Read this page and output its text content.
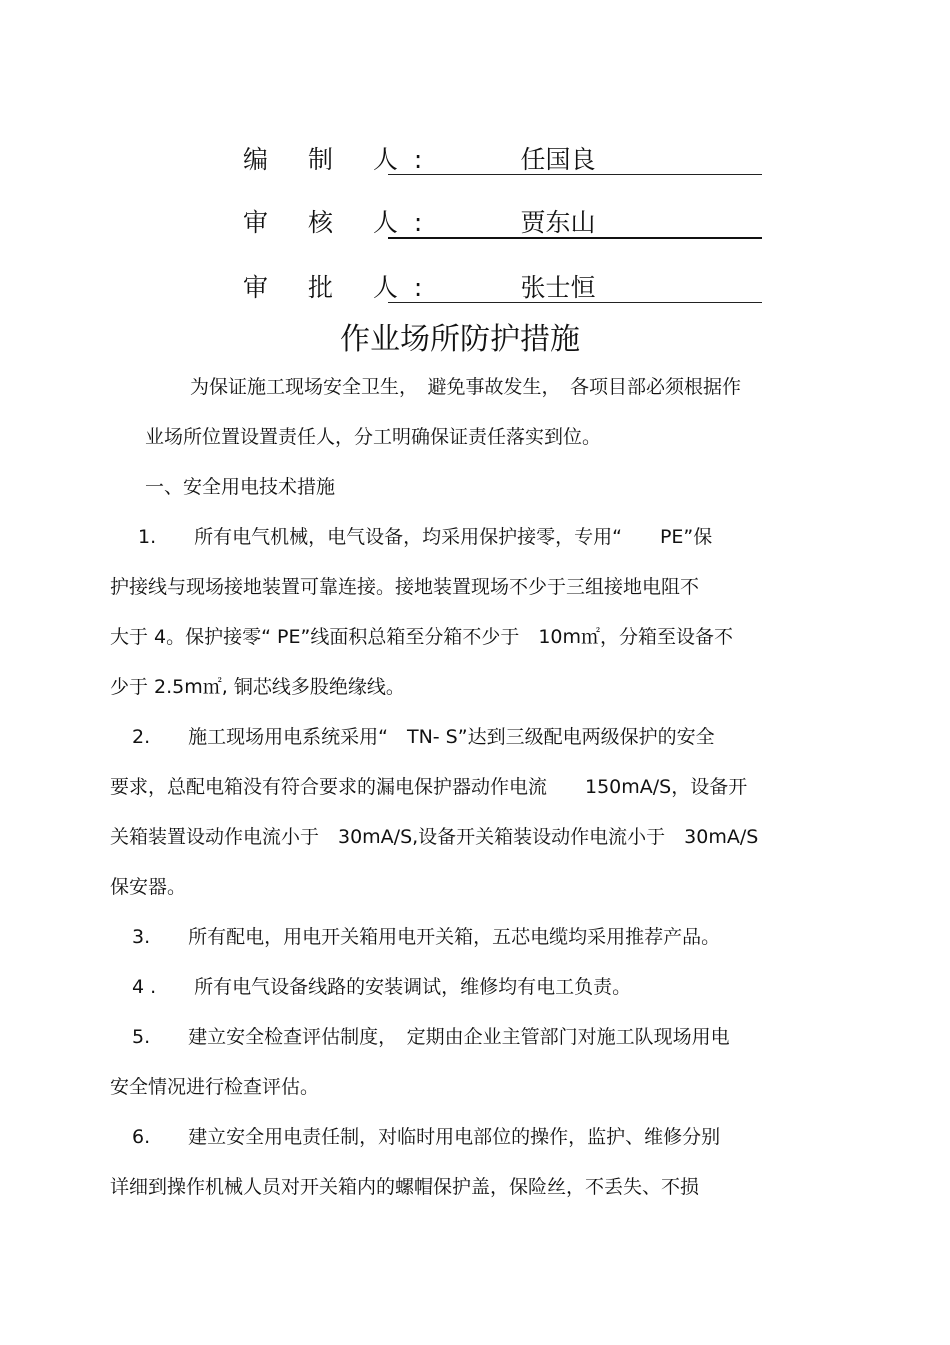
编 制 人:	任国良
审 核 人:	贾东山
审 批 人:	张士恒
作业场所防护措施
为保证施工现场安全卫生，　避免事故发生，　各项目部必须根据作
业场所位置设置责任人，分工明确保证责任落实到位。
一、安全用电技术措施
1.　　所有电气机械，电气设备，均采用保护接零，专用“　　PE”保
护接线与现场接地装置可靠连接。接地装置现场不少于三组接地电阻不
大于 4。保护接零“ PE”线面积总箱至分箱不少于　10m㎡，分箱至设备不
少于 2.5m㎡, 铜芯线多股绝缘线。
2.　　施工现场用电系统采用“　TN- S”达到三级配电两级保护的安全
要求，总配电箱没有符合要求的漏电保护器动作电流　　150mA/S，设备开
关箱装置设动作电流小于　30mA/S,设备开关箱装设动作电流小于　30mA/S
保安器。
3.　　所有配电，用电开关箱用电开关箱，五芯电缆均采用推荐产品。
4 .　　所有电气设备线路的安装调试，维修均有电工负责。
5.　　建立安全检查评估制度，　定期由企业主管部门对施工队现场用电
安全情况进行检查评估。
6.　　建立安全用电责任制，对临时用电部位的操作，监护、维修分别
详细到操作机械人员对开关箱内的螺帽保护盖，保险丝，不丢失、不损
